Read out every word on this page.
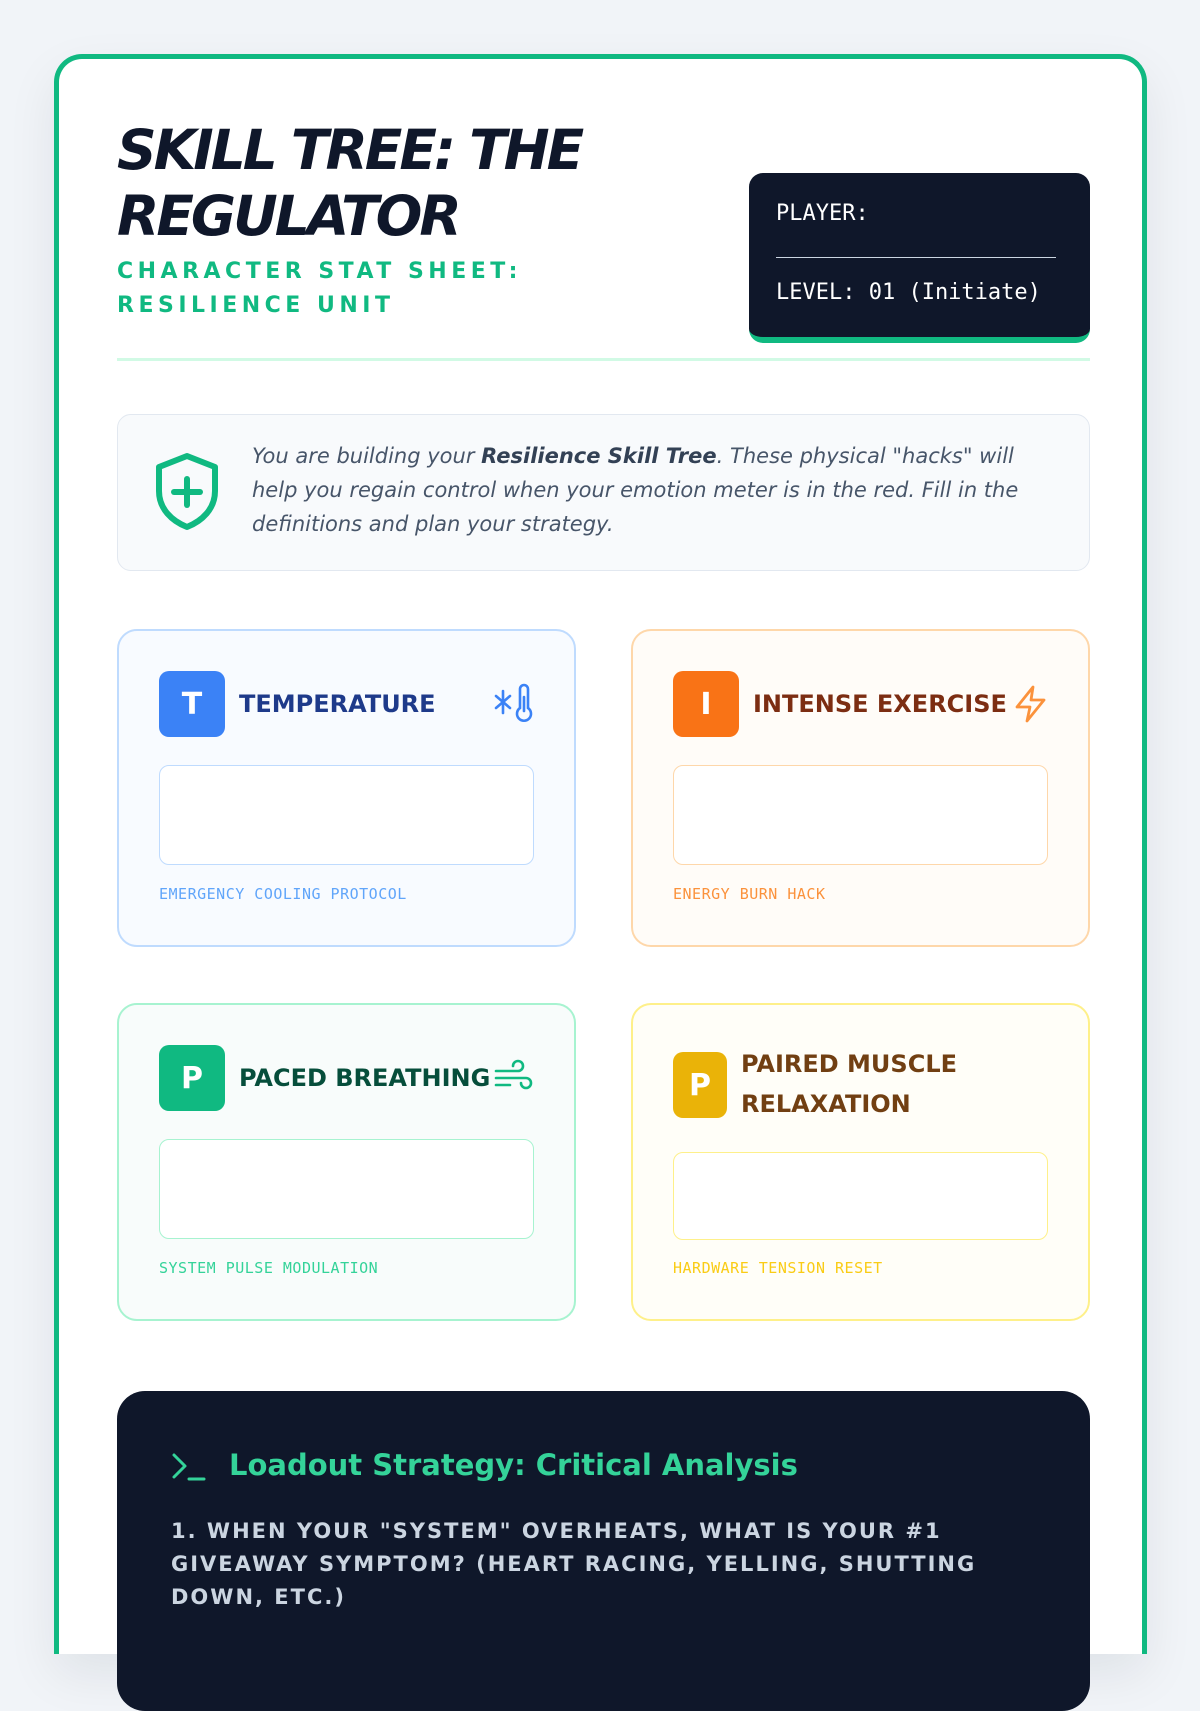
SKILL TREE: THE REGULATOR
CHARACTER STAT SHEET: RESILIENCE UNIT
PLAYER:
LEVEL: 01 (Initiate)

You are building your Resilience Skill Tree. These physical "hacks" will help you regain control when your emotion meter is in the red. Fill in the definitions and plan your strategy.

T	TEMPERATURE
EMERGENCY COOLING PROTOCOL
I	INTENSE EXERCISE
ENERGY BURN HACK
P	PACED BREATHING
SYSTEM PULSE MODULATION
P
PAIRED MUSCLE RELAXATION
HARDWARE TENSION RESET
Loadout Strategy: Critical Analysis
1. WHEN YOUR "SYSTEM" OVERHEATS, WHAT IS YOUR #1 GIVEAWAY SYMPTOM? (HEART RACING, YELLING, SHUTTING DOWN, ETC.)
